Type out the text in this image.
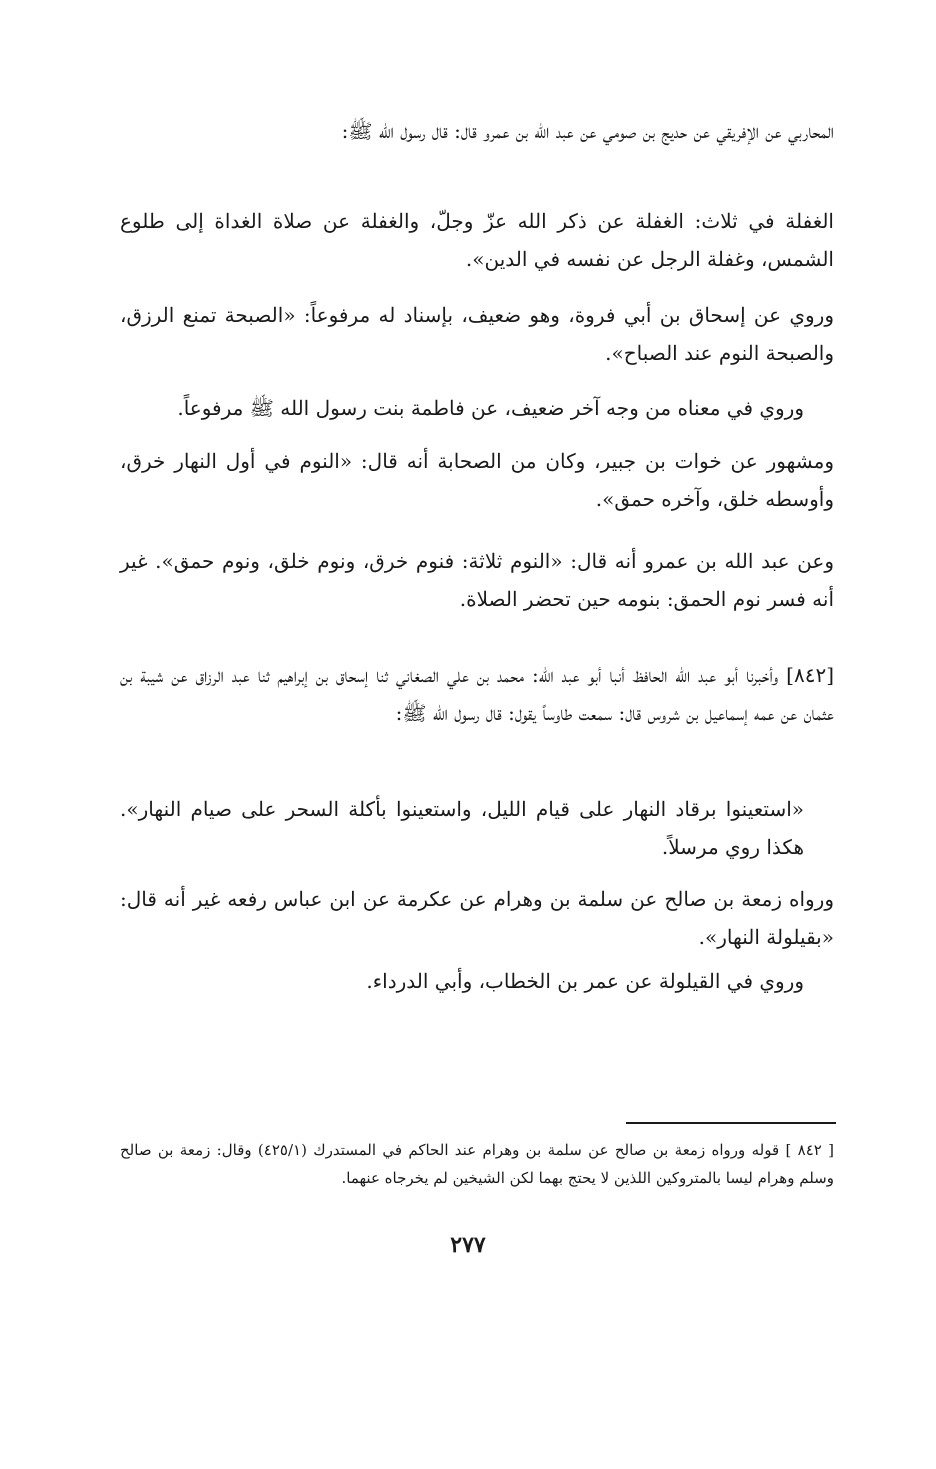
المحاربي عن الإفريقي عن حديج بن صومي عن عبد الله بن عمرو قال: قال رسول الله ﷺ:

الغفلة في ثلاث: الغفلة عن ذكر الله عزّ وجلّ، والغفلة عن صلاة الغداة إلى طلوع الشمس، وغفلة الرجل عن نفسه في الدين».

وروي عن إسحاق بن أبي فروة، وهو ضعيف، بإسناد له مرفوعاً: «الصبحة تمنع الرزق، والصبحة النوم عند الصباح».

وروي في معناه من وجه آخر ضعيف، عن فاطمة بنت رسول الله ﷺ مرفوعاً.

ومشهور عن خوات بن جبير، وكان من الصحابة أنه قال: «النوم في أول النهار خرق، وأوسطه خلق، وآخره حمق».

وعن عبد الله بن عمرو أنه قال: «النوم ثلاثة: فنوم خرق، ونوم خلق، ونوم حمق». غير أنه فسر نوم الحمق: بنومه حين تحضر الصلاة.

[٨٤٢] وأخبرنا أبو عبد الله الحافظ أنبا أبو عبد الله: محمد بن علي الصغاني ثنا إسحاق بن إبراهيم ثنا عبد الرزاق عن شيبة بن عثمان عن عمه إسماعيل بن شروس قال: سمعت طاوساً يقول: قال رسول الله ﷺ:

«استعينوا برقاد النهار على قيام الليل، واستعينوا بأكلة السحر على صيام النهار». هكذا روي مرسلاً.

ورواه زمعة بن صالح عن سلمة بن وهرام عن عكرمة عن ابن عباس رفعه غير أنه قال: «بقيلولة النهار».

وروي في القيلولة عن عمر بن الخطاب، وأبي الدرداء.

[ ٨٤٢ ] قوله ورواه زمعة بن صالح عن سلمة بن وهرام عند الحاكم في المستدرك (٤٢٥/١) وقال: زمعة بن صالح وسلم وهرام ليسا بالمتروكين اللذين لا يحتج بهما لكن الشيخين لم يخرجاه عنهما.

٢٧٧
